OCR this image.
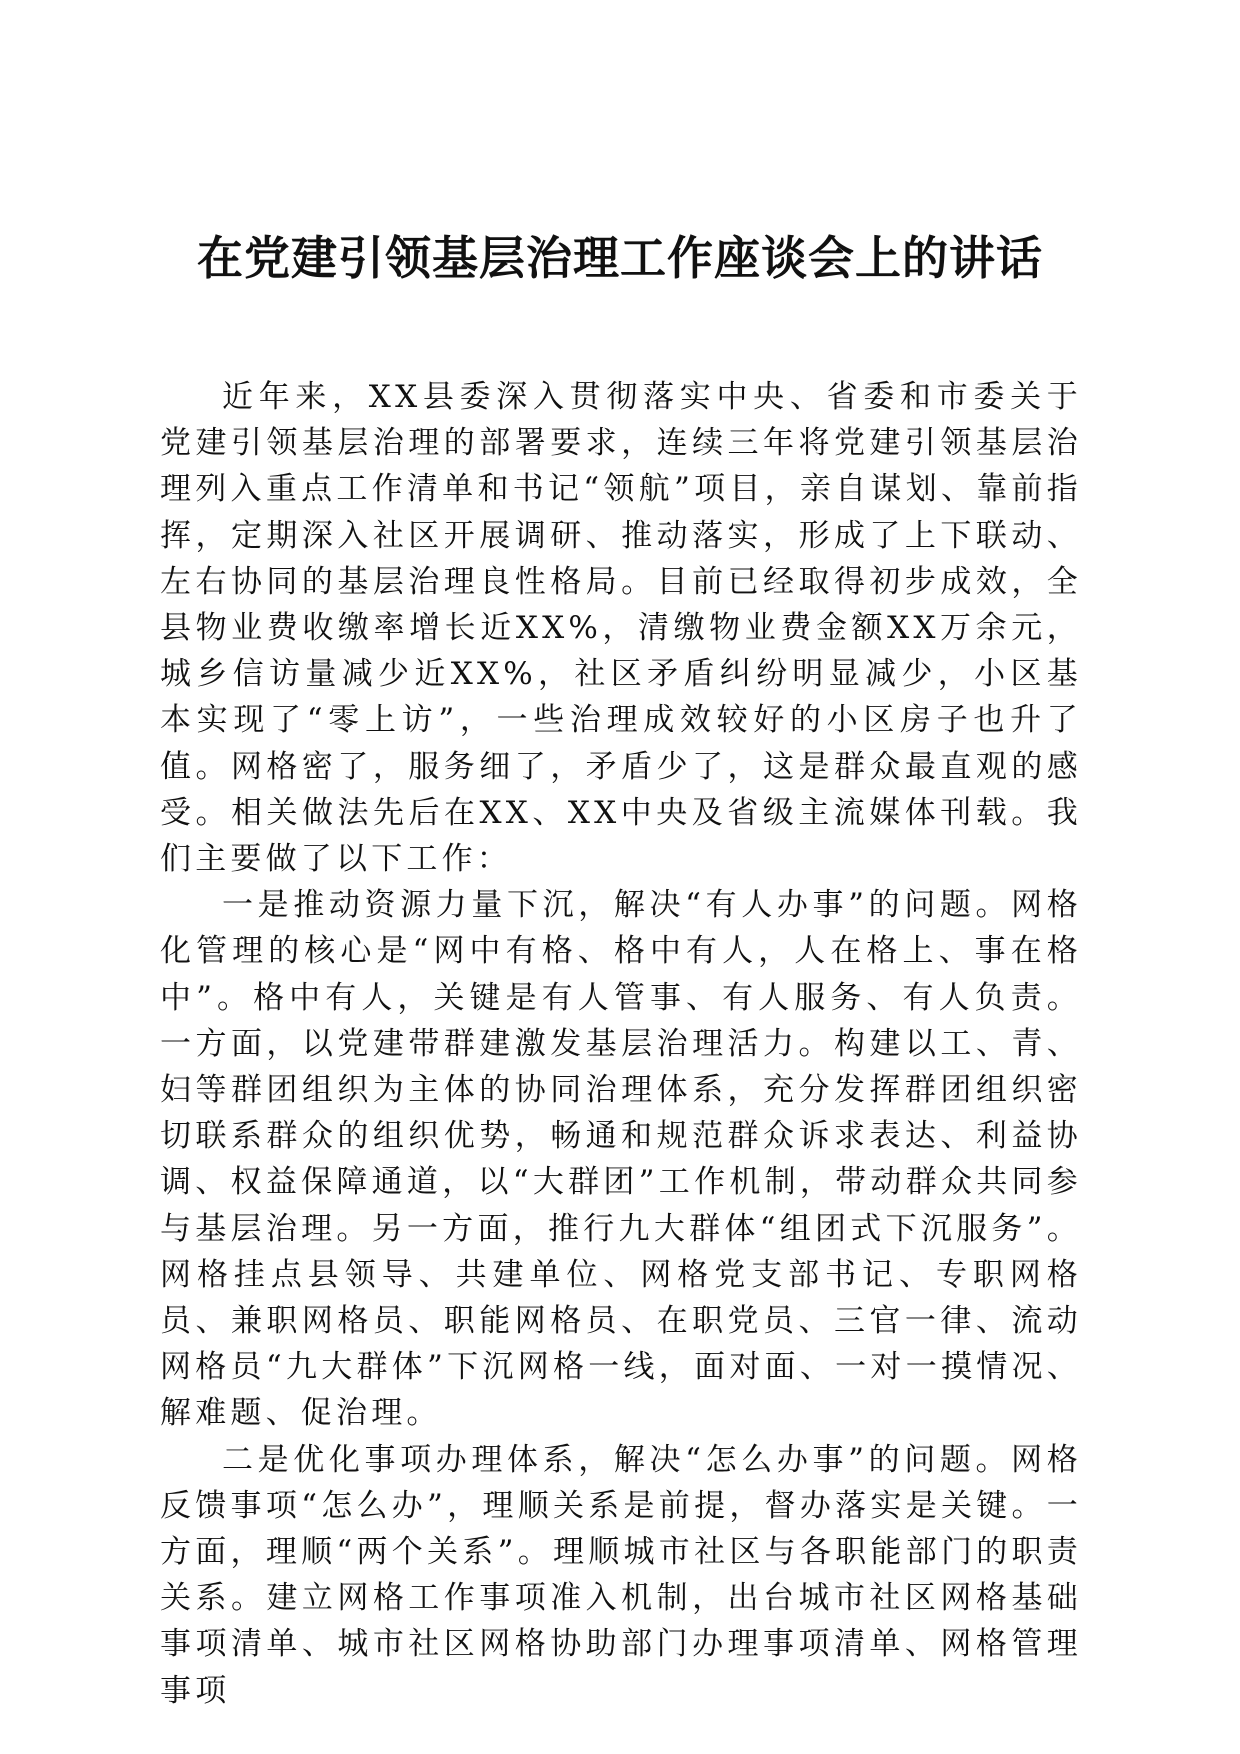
在党建引领基层治理工作座谈会上的讲话

近年来，XX县委深入贯彻落实中央、省委和市委关于党建引领基层治理的部署要求，连续三年将党建引领基层治理列入重点工作清单和书记“领航”项目，亲自谋划、靠前指挥，定期深入社区开展调研、推动落实，形成了上下联动、左右协同的基层治理良性格局。目前已经取得初步成效，全县物业费收缴率增长近XX%，清缴物业费金额XX万余元，城乡信访量减少近XX%，社区矛盾纠纷明显减少，小区基本实现了“零上访”，一些治理成效较好的小区房子也升了值。网格密了，服务细了，矛盾少了，这是群众最直观的感受。相关做法先后在XX、XX中央及省级主流媒体刊载。我们主要做了以下工作：

一是推动资源力量下沉，解决“有人办事”的问题。网格化管理的核心是“网中有格、格中有人，人在格上、事在格中”。格中有人，关键是有人管事、有人服务、有人负责。一方面，以党建带群建激发基层治理活力。构建以工、青、妇等群团组织为主体的协同治理体系，充分发挥群团组织密切联系群众的组织优势，畅通和规范群众诉求表达、利益协调、权益保障通道，以“大群团”工作机制，带动群众共同参与基层治理。另一方面，推行九大群体“组团式下沉服务”。网格挂点县领导、共建单位、网格党支部书记、专职网格员、兼职网格员、职能网格员、在职党员、三官一律、流动网格员“九大群体”下沉网格一线，面对面、一对一摸情况、解难题、促治理。

二是优化事项办理体系，解决“怎么办事”的问题。网格反馈事项“怎么办”，理顺关系是前提，督办落实是关键。一方面，理顺“两个关系”。理顺城市社区与各职能部门的职责关系。建立网格工作事项准入机制，出台城市社区网格基础事项清单、城市社区网格协助部门办理事项清单、网格管理事项
